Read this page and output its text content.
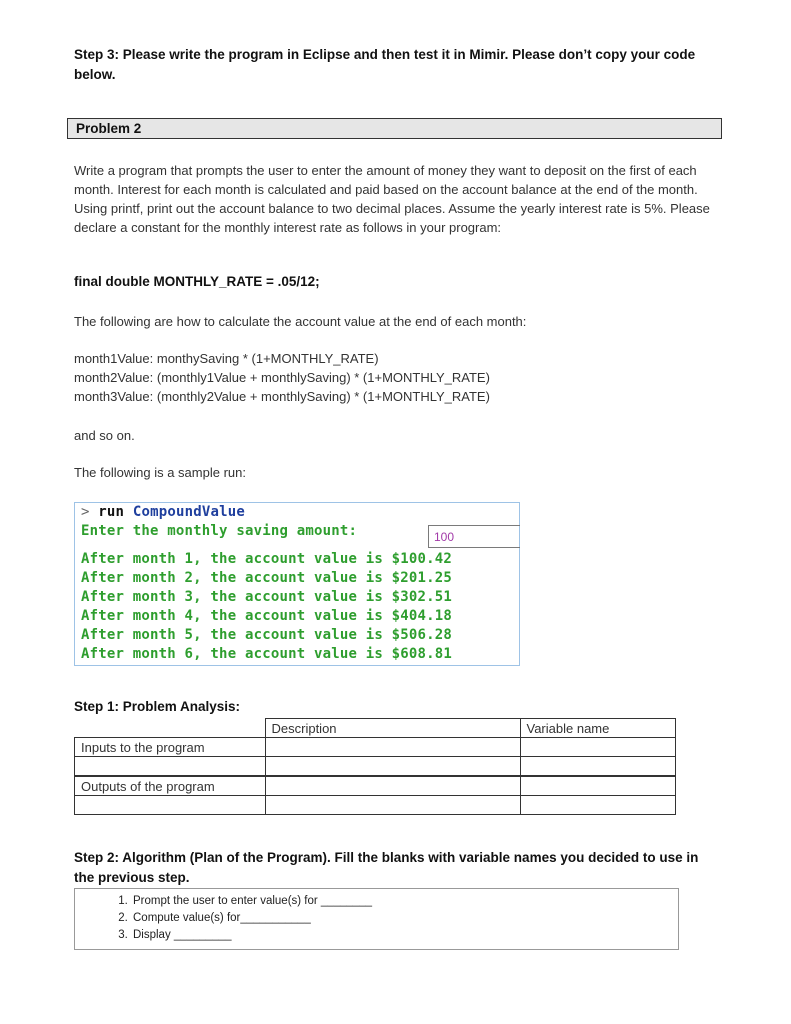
Step 3: Please write the program in Eclipse and then test it in Mimir. Please don’t copy your code below.
Problem 2
Write a program that prompts the user to enter the amount of money they want to deposit on the first of each month. Interest for each month is calculated and paid based on the account balance at the end of the month. Using printf, print out the account balance to two decimal places. Assume the yearly interest rate is 5%. Please declare a constant for the monthly interest rate as follows in your program:
final double MONTHLY_RATE = .05/12;
The following are how to calculate the account value at the end of each month:
month1Value: monthySaving * (1+MONTHLY_RATE)
month2Value: (monthly1Value + monthlySaving) * (1+MONTHLY_RATE)
month3Value: (monthly2Value + monthlySaving) * (1+MONTHLY_RATE)
and so on.
The following is a sample run:
> run CompoundValue
Enter the monthly saving amount:	100
After month 1, the account value is $100.42
After month 2, the account value is $201.25
After month 3, the account value is $302.51
After month 4, the account value is $404.18
After month 5, the account value is $506.28
After month 6, the account value is $608.81
Step 1: Problem Analysis:
	Description	Variable name
Inputs to the program		

Outputs of the program		

Step 2: Algorithm (Plan of the Program). Fill the blanks with variable names you decided to use in the previous step.
1. Prompt the user to enter value(s) for ________
2. Compute value(s) for___________
3. Display _________
